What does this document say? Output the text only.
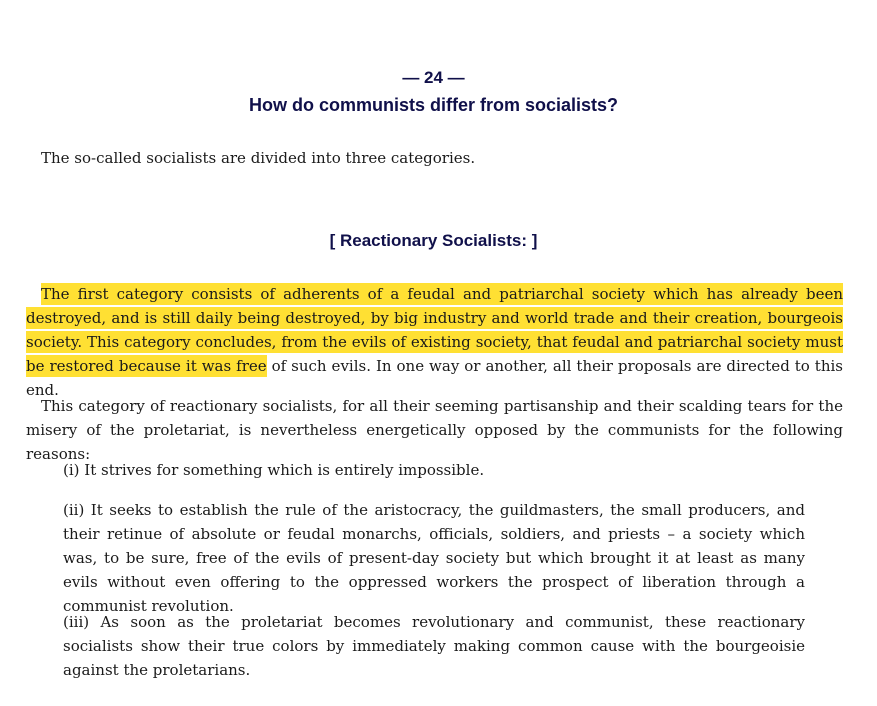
— 24 —
How do communists differ from socialists?

The so-called socialists are divided into three categories.

[ Reactionary Socialists: ]

The first category consists of adherents of a feudal and patriarchal society which has already been destroyed, and is still daily being destroyed, by big industry and world trade and their creation, bourgeois society. This category concludes, from the evils of existing society, that feudal and patriarchal society must be restored because it was free of such evils. In one way or another, all their proposals are directed to this end.

This category of reactionary socialists, for all their seeming partisanship and their scalding tears for the misery of the proletariat, is nevertheless energetically opposed by the communists for the following reasons:

(i) It strives for something which is entirely impossible.

(ii) It seeks to establish the rule of the aristocracy, the guildmasters, the small producers, and their retinue of absolute or feudal monarchs, officials, soldiers, and priests – a society which was, to be sure, free of the evils of present-day society but which brought it at least as many evils without even offering to the oppressed workers the prospect of liberation through a communist revolution.

(iii) As soon as the proletariat becomes revolutionary and communist, these reactionary socialists show their true colors by immediately making common cause with the bourgeoisie against the proletarians.
